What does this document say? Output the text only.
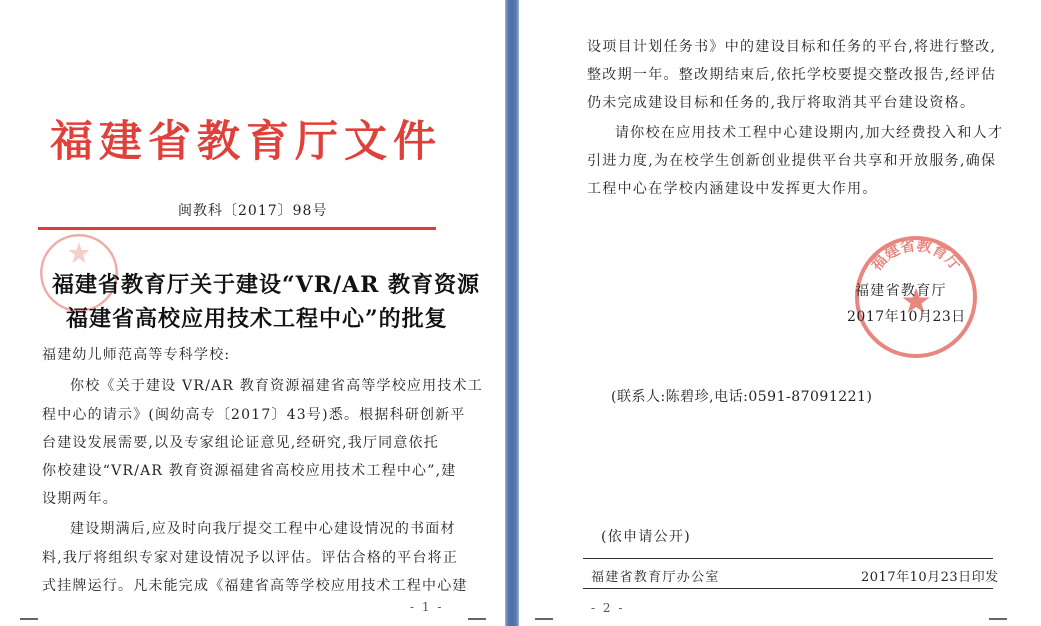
福建省教育厅文件
闽教科〔2017〕98号
福建省教育厅关于建设“VR/AR 教育资源
福建省高校应用技术工程中心”的批复
福建幼儿师范高等专科学校:
你校《关于建设 VR/AR 教育资源福建省高等学校应用技术工
程中心的请示》(闽幼高专〔2017〕43号)悉。根据科研创新平
台建设发展需要,以及专家组论证意见,经研究,我厅同意依托
你校建设“VR/AR 教育资源福建省高校应用技术工程中心”,建
设期两年。
建设期满后,应及时向我厅提交工程中心建设情况的书面材
料,我厅将组织专家对建设情况予以评估。评估合格的平台将正
式挂牌运行。凡未能完成《福建省高等学校应用技术工程中心建
- 1 -
设项目计划任务书》中的建设目标和任务的平台,将进行整改,
整改期一年。整改期结束后,依托学校要提交整改报告,经评估
仍未完成建设目标和任务的,我厅将取消其平台建设资格。
请你校在应用技术工程中心建设期内,加大经费投入和人才
引进力度,为在校学生创新创业提供平台共享和开放服务,确保
工程中心在学校内涵建设中发挥更大作用。
福建省教育厅
福建省教育厅
2017年10月23日
(联系人:陈碧珍,电话:0591-87091221)
(依申请公开)
福建省教育厅办公室	2017年10月23日印发
- 2 -
